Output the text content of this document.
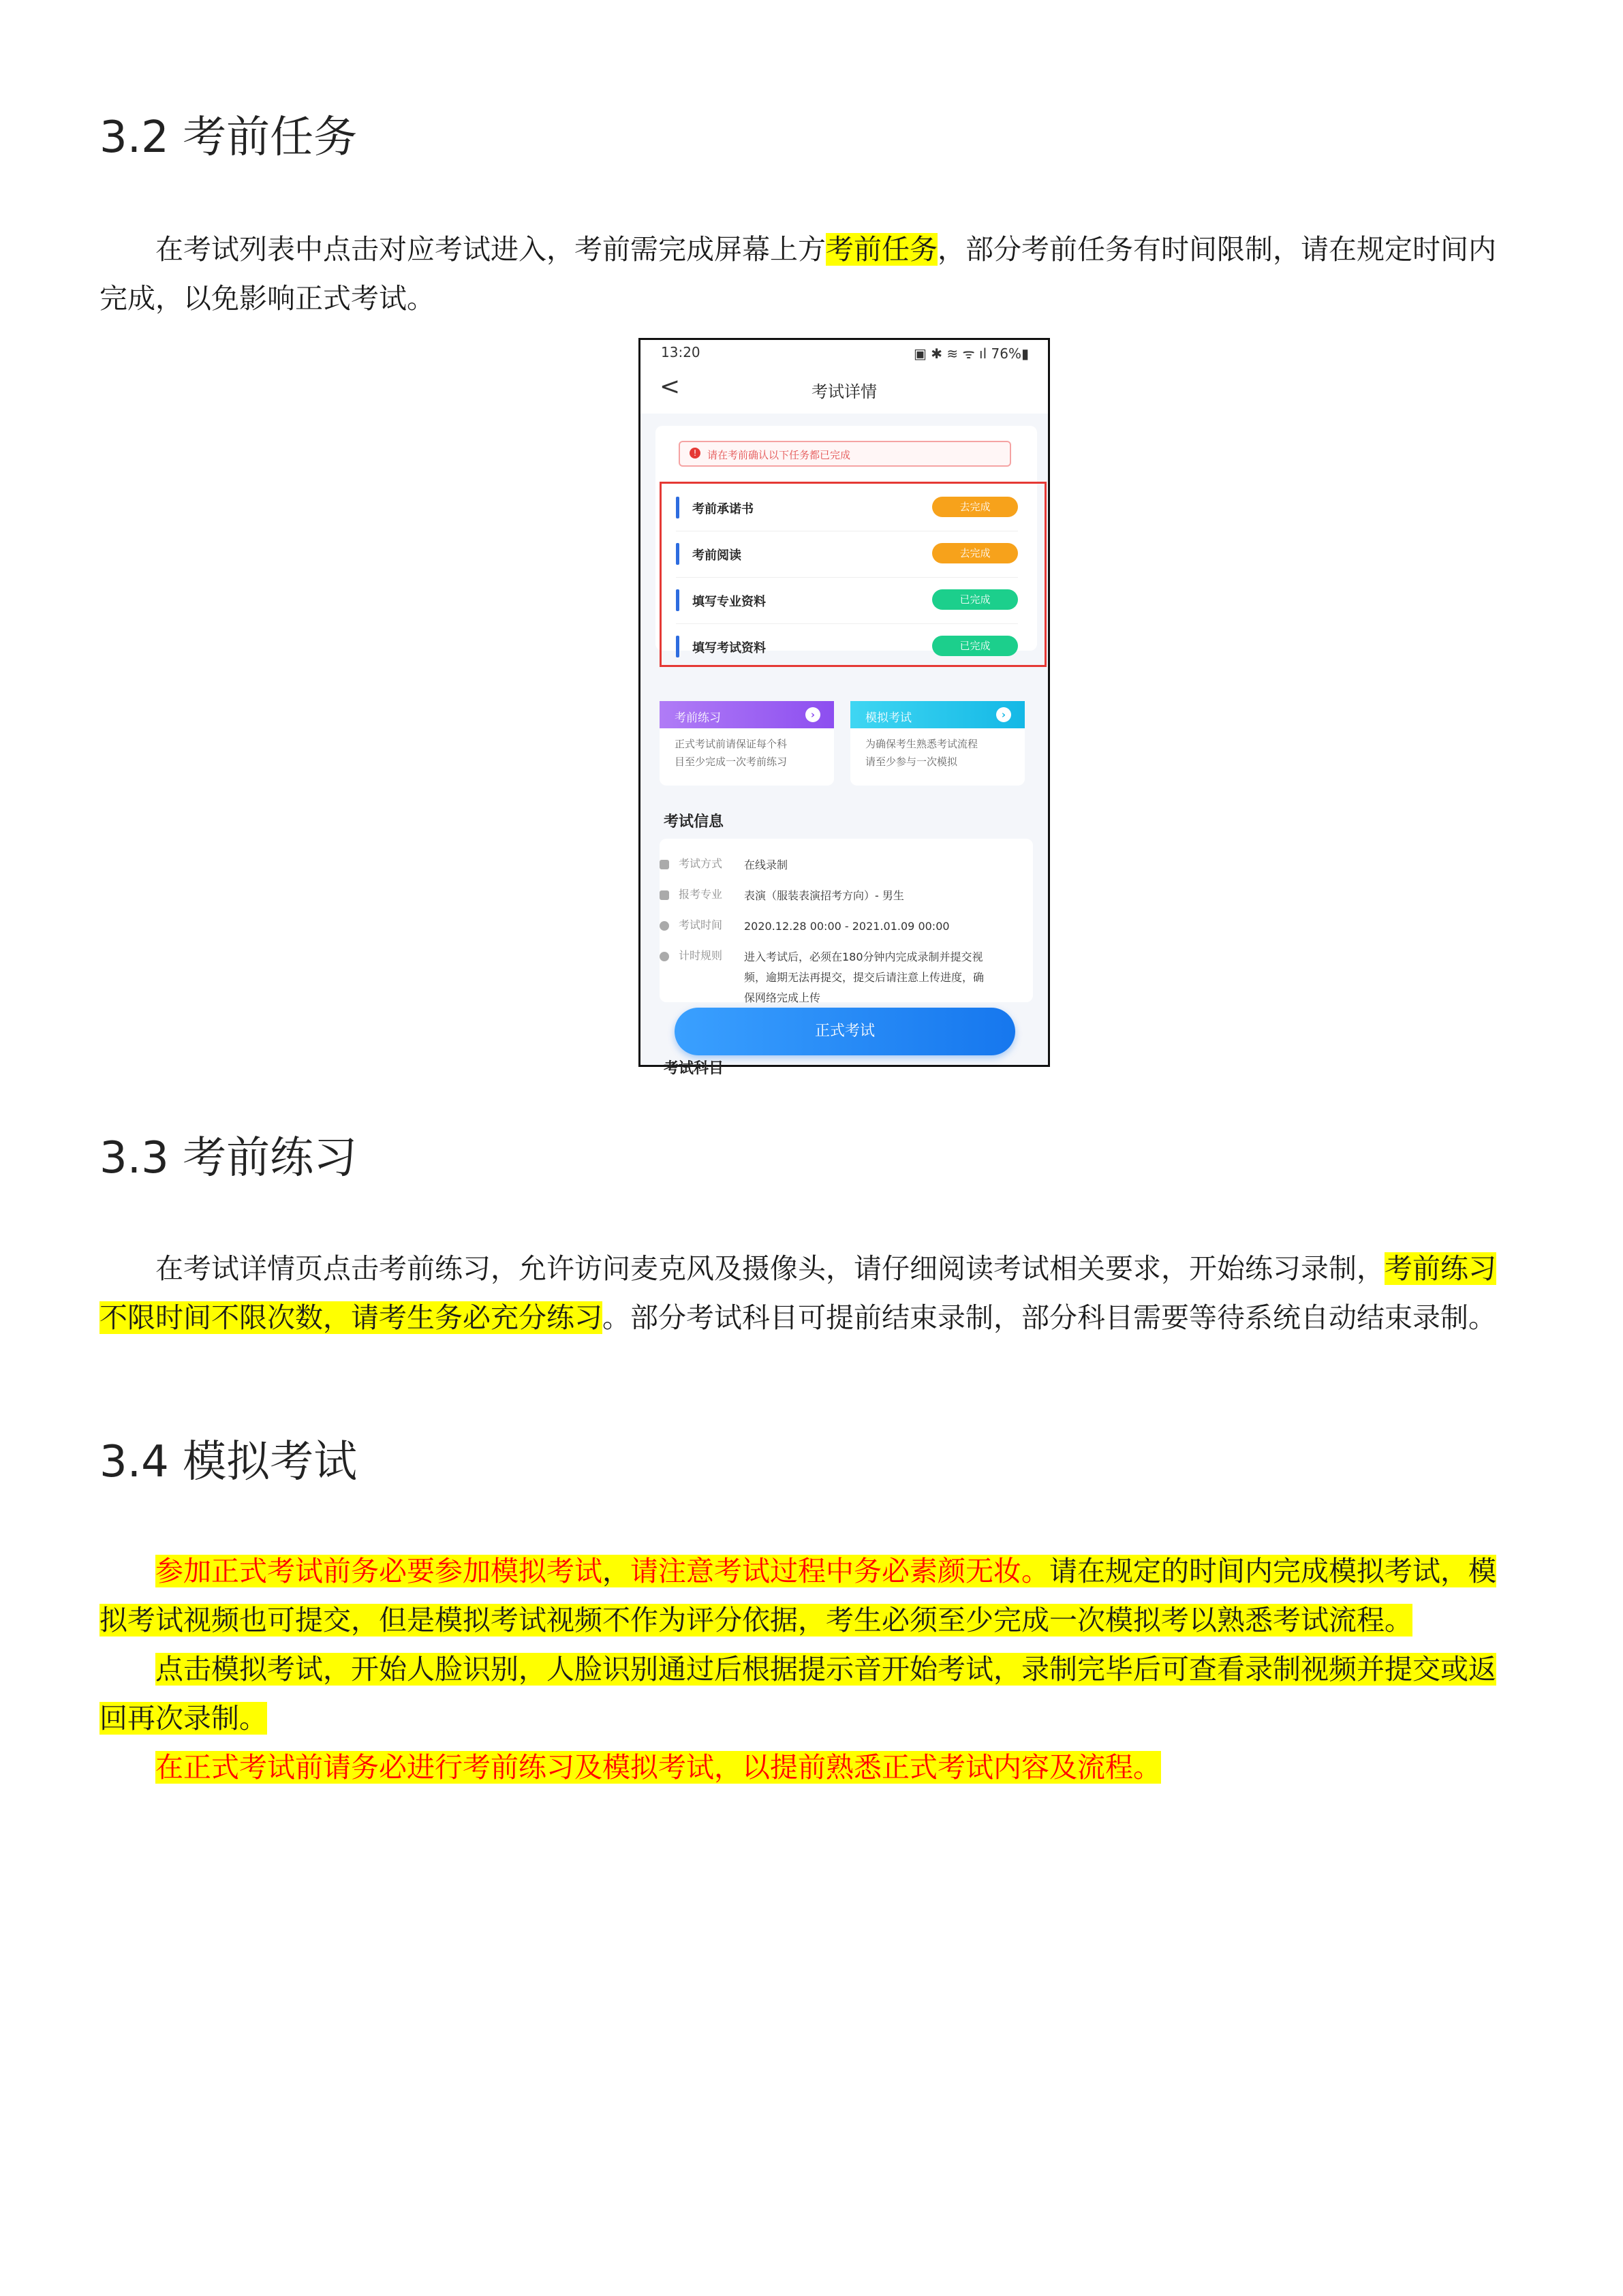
3.2 考前任务

在考试列表中点击对应考试进入，考前需完成屏幕上方考前任务，部分考前任务有时间限制，请在规定时间内
完成，以免影响正式考试。

13:20	▣ ✱ ≋ ᯤ ıl 76%▮
<	考试详情
!	请在考前确认以下任务都已完成
考前承诺书	去完成
考前阅读	去完成
填写专业资料	已完成
填写考试资料	已完成
考前练习	›
正式考试前请保证每个科
目至少完成一次考前练习
模拟考试	›
为确保考生熟悉考试流程
请至少参与一次模拟
考试信息
考试方式 在线录制
报考专业 表演（服装表演招考方向）- 男生
考试时间 2020.12.28 00:00 - 2021.01.09 00:00
计时规则 进入考试后，必须在180分钟内完成录制并提交视频，逾期无法再提交，提交后请注意上传进度，确保网络完成上传
正式考试
考试科目
3.3 考前练习

在考试详情页点击考前练习，允许访问麦克风及摄像头，请仔细阅读考试相关要求，开始练习录制，考前练习
不限时间不限次数，请考生务必充分练习。部分考试科目可提前结束录制，部分科目需要等待系统自动结束录制。

3.4 模拟考试

参加正式考试前务必要参加模拟考试，请注意考试过程中务必素颜无妆。请在规定的时间内完成模拟考试，模
拟考试视频也可提交，但是模拟考试视频不作为评分依据，考生必须至少完成一次模拟考以熟悉考试流程。
点击模拟考试，开始人脸识别，人脸识别通过后根据提示音开始考试，录制完毕后可查看录制视频并提交或返
回再次录制。
在正式考试前请务必进行考前练习及模拟考试，以提前熟悉正式考试内容及流程。
